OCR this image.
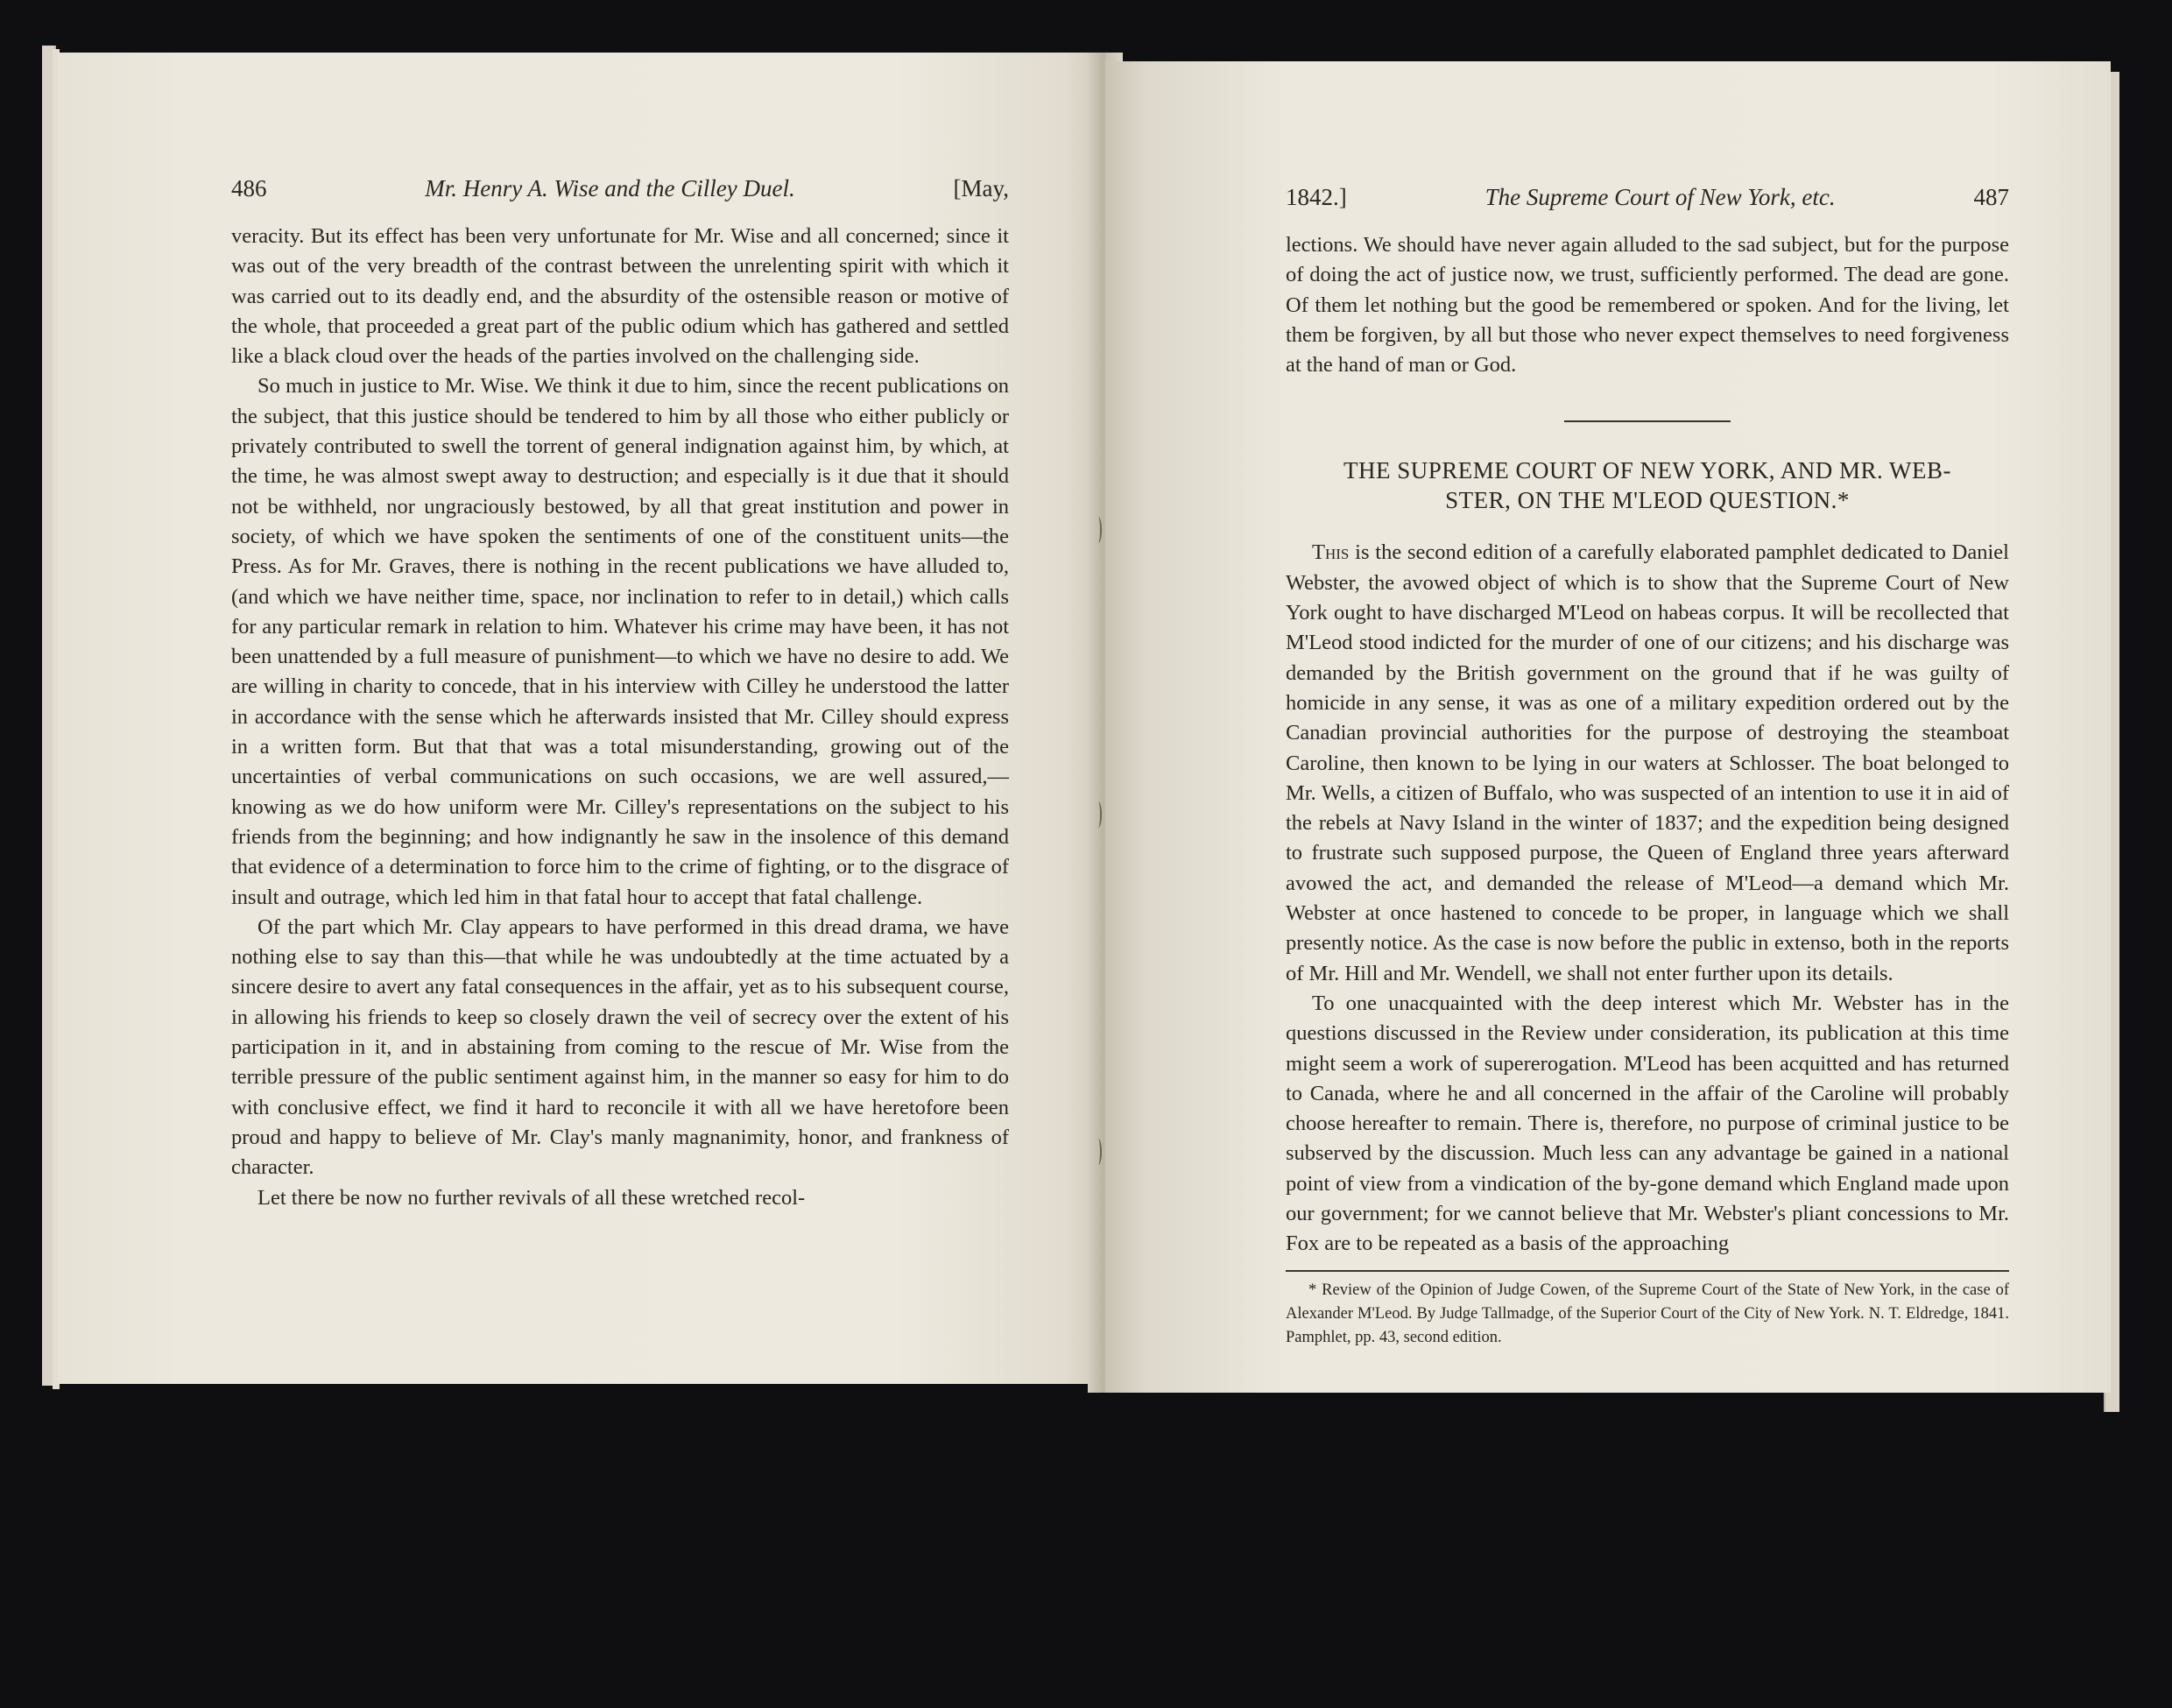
486	Mr. Henry A. Wise and the Cilley Duel.	[May,

veracity. But its effect has been very unfortunate for Mr. Wise and all concerned; since it was out of the very breadth of the contrast between the unrelenting spirit with which it was carried out to its deadly end, and the absurdity of the ostensible reason or motive of the whole, that proceeded a great part of the public odium which has gathered and settled like a black cloud over the heads of the parties involved on the challenging side.

So much in justice to Mr. Wise. We think it due to him, since the recent publications on the subject, that this justice should be tendered to him by all those who either publicly or privately contributed to swell the torrent of general indignation against him, by which, at the time, he was almost swept away to destruction; and especially is it due that it should not be withheld, nor ungraciously bestowed, by all that great institution and power in society, of which we have spoken the sentiments of one of the constituent units—the Press. As for Mr. Graves, there is nothing in the recent publications we have alluded to, (and which we have neither time, space, nor inclination to refer to in detail,) which calls for any particular remark in relation to him. Whatever his crime may have been, it has not been unattended by a full measure of punishment—to which we have no desire to add. We are willing in charity to concede, that in his interview with Cilley he understood the latter in accordance with the sense which he afterwards insisted that Mr. Cilley should express in a written form. But that that was a total misunderstanding, growing out of the uncertainties of verbal communications on such occasions, we are well assured,—knowing as we do how uniform were Mr. Cilley's representations on the subject to his friends from the beginning; and how indignantly he saw in the insolence of this demand that evidence of a determination to force him to the crime of fighting, or to the disgrace of insult and outrage, which led him in that fatal hour to accept that fatal challenge.

Of the part which Mr. Clay appears to have performed in this dread drama, we have nothing else to say than this—that while he was undoubtedly at the time actuated by a sincere desire to avert any fatal consequences in the affair, yet as to his subsequent course, in allowing his friends to keep so closely drawn the veil of secrecy over the extent of his participation in it, and in abstaining from coming to the rescue of Mr. Wise from the terrible pressure of the public sentiment against him, in the manner so easy for him to do with conclusive effect, we find it hard to reconcile it with all we have heretofore been proud and happy to believe of Mr. Clay's manly magnanimity, honor, and frankness of character.

Let there be now no further revivals of all these wretched recol-

1842.]	The Supreme Court of New York, etc.	487

lections. We should have never again alluded to the sad subject, but for the purpose of doing the act of justice now, we trust, sufficiently performed. The dead are gone. Of them let nothing but the good be remembered or spoken. And for the living, let them be forgiven, by all but those who never expect themselves to need forgiveness at the hand of man or God.

THE SUPREME COURT OF NEW YORK, AND MR. WEB-
STER, ON THE M'LEOD QUESTION.*

This is the second edition of a carefully elaborated pamphlet dedicated to Daniel Webster, the avowed object of which is to show that the Supreme Court of New York ought to have discharged M'Leod on habeas corpus. It will be recollected that M'Leod stood indicted for the murder of one of our citizens; and his discharge was demanded by the British government on the ground that if he was guilty of homicide in any sense, it was as one of a military expedition ordered out by the Canadian provincial authorities for the purpose of destroying the steamboat Caroline, then known to be lying in our waters at Schlosser. The boat belonged to Mr. Wells, a citizen of Buffalo, who was suspected of an intention to use it in aid of the rebels at Navy Island in the winter of 1837; and the expedition being designed to frustrate such supposed purpose, the Queen of England three years afterward avowed the act, and demanded the release of M'Leod—a demand which Mr. Webster at once hastened to concede to be proper, in language which we shall presently notice. As the case is now before the public in extenso, both in the reports of Mr. Hill and Mr. Wendell, we shall not enter further upon its details.

To one unacquainted with the deep interest which Mr. Webster has in the questions discussed in the Review under consideration, its publication at this time might seem a work of supererogation. M'Leod has been acquitted and has returned to Canada, where he and all concerned in the affair of the Caroline will probably choose hereafter to remain. There is, therefore, no purpose of criminal justice to be subserved by the discussion. Much less can any advantage be gained in a national point of view from a vindication of the by-gone demand which England made upon our government; for we cannot believe that Mr. Webster's pliant concessions to Mr. Fox are to be repeated as a basis of the approaching

* Review of the Opinion of Judge Cowen, of the Supreme Court of the State of New York, in the case of Alexander M'Leod. By Judge Tallmadge, of the Superior Court of the City of New York. N. T. Eldredge, 1841. Pamphlet, pp. 43, second edition.
